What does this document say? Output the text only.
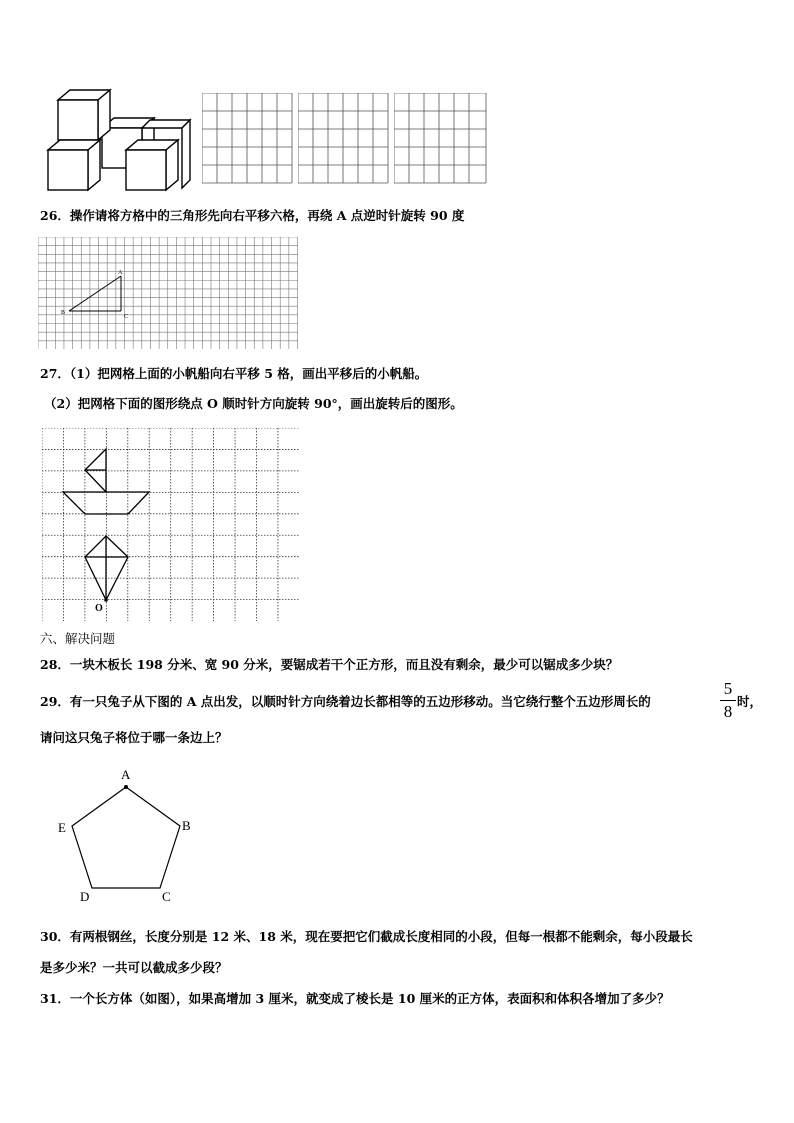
26．操作请将方格中的三角形先向右平移六格，再绕 A 点逆时针旋转 90 度
A
B
C
27．（1）把网格上面的小帆船向右平移 5 格，画出平移后的小帆船。
（2）把网格下面的图形绕点 O 顺时针方向旋转 90°，画出旋转后的图形。
O
六、解决问题
28．一块木板长 198 分米、宽 90 分米，要锯成若干个正方形，而且没有剩余，最少可以锯成多少块？
29．有一只兔子从下图的 A 点出发，以顺时针方向绕着边长都相等的五边形移动。当它绕行整个五边形周长的
5
8
时，
请问这只兔子将位于哪一条边上？
A
B
C
D
E
30．有两根钢丝，长度分别是 12 米、18 米，现在要把它们截成长度相同的小段，但每一根都不能剩余，每小段最长
是多少米？一共可以截成多少段？
31．一个长方体（如图），如果高增加 3 厘米，就变成了棱长是 10 厘米的正方体，表面积和体积各增加了多少？
